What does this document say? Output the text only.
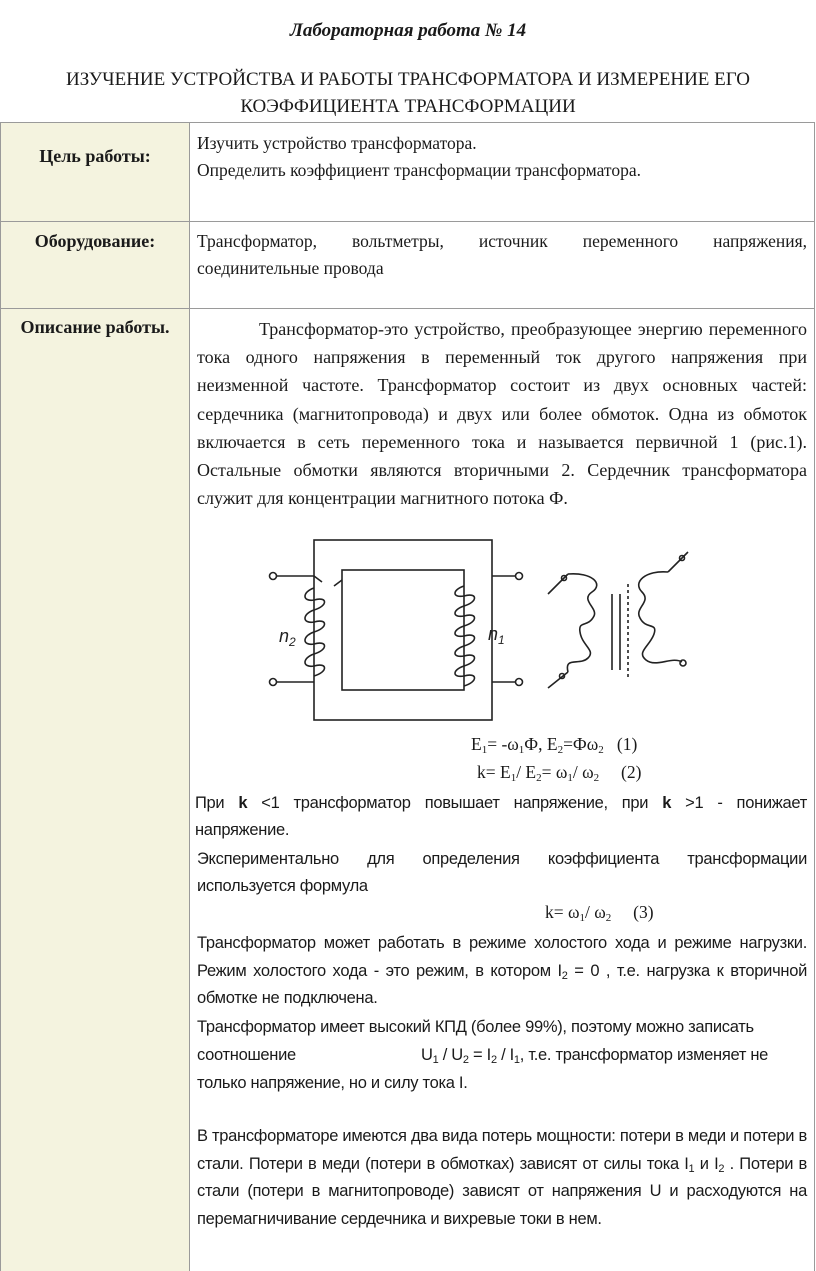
Лабораторная работа № 14
ИЗУЧЕНИЕ УСТРОЙСТВА И РАБОТЫ ТРАНСФОРМАТОРА И ИЗМЕРЕНИЕ ЕГО
КОЭФФИЦИЕНТА ТРАНСФОРМАЦИИ
Цель работы:
Изучить устройство трансформатора.
Определить коэффициент трансформации трансформатора.
Оборудование:	Трансформатор, вольтметры, источник переменного напряжения, соединительные провода
Описание работы.	Трансформатор-это устройство, преобразующее энергию переменного тока одного напряжения в переменный ток другого напряжения при неизменной частоте. Трансформатор состоит из двух основных частей: сердечника (магнитопровода) и двух или более обмоток. Одна из обмоток включается в сеть переменного тока и называется первичной 1 (рис.1). Остальные обмотки являются вторичными 2. Сердечник трансформатора служит для концентрации магнитного потока Ф.
$n_2$	$n_1$
$E_1= -\omega_1Ф$, $E_2=Ф\omega_2$ (1)
$k= E_1/$ $E_2= \omega_1/$ $\omega_2$ (2)
При k <1 трансформатор повышает напряжение, при k >1 - понижает напряжение.
Экспериментально для определения коэффициента трансформации используется формула
$k= \omega_1/$ $\omega_2$ (3)
Трансформатор может работать в режиме холостого хода и режиме нагрузки. Режим холостого хода - это режим, в котором $I_2 = 0$ , т.е. нагрузка к вторичной обмотке не подключена.
Трансформатор имеет высокий КПД (более 99%), поэтому можно записать
соотношение	$U_1 / U_2 = I_2 / I_1$, т.е. трансформатор изменяет не
только напряжение, но и силу тока I.
В трансформаторе имеются два вида потерь мощности: потери в меди и потери в стали. Потери в меди (потери в обмотках) зависят от силы тока $I_1$ и $I_2$ . Потери в стали (потери в магнитопроводе) зависят от напряжения U и расходуются на перемагничивание сердечника и вихревые токи в нем.
